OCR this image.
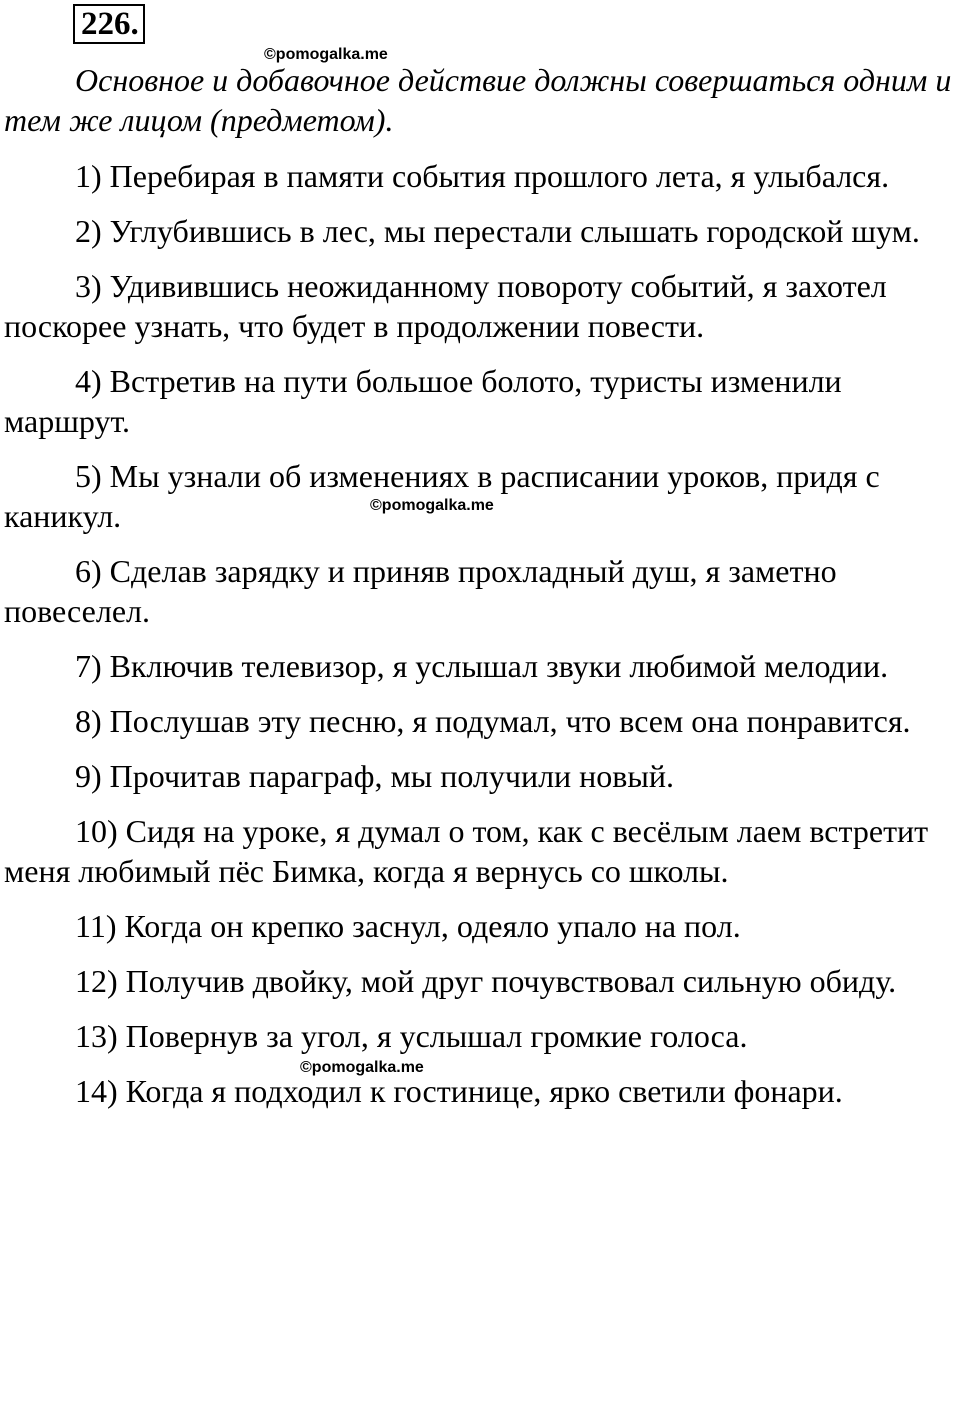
226.
©pomogalka.me
©pomogalka.me
©pomogalka.me

Основное и добавочное действие должны совершаться одним и тем же лицом (предметом).

1) Перебирая в памяти события прошлого лета, я улыбался.

2) Углубившись в лес, мы перестали слышать городской шум.

3) Удивившись неожиданному повороту событий, я захотел поскорее узнать, что будет в продолжении повести.

4) Встретив на пути большое болото, туристы изменили маршрут.

5) Мы узнали об изменениях в расписании уроков, придя с каникул.

6) Сделав зарядку и приняв прохладный душ, я заметно повеселел.

7) Включив телевизор, я услышал звуки любимой мелодии.

8) Послушав эту песню, я подумал, что всем она понравится.

9) Прочитав параграф, мы получили новый.

10) Сидя на уроке, я думал о том, как с весёлым лаем встретит меня любимый пёс Бимка, когда я вернусь со школы.

11) Когда он крепко заснул, одеяло упало на пол.

12) Получив двойку, мой друг почувствовал сильную обиду.

13) Повернув за угол, я услышал громкие голоса.

14) Когда я подходил к гостинице, ярко светили фонари.
